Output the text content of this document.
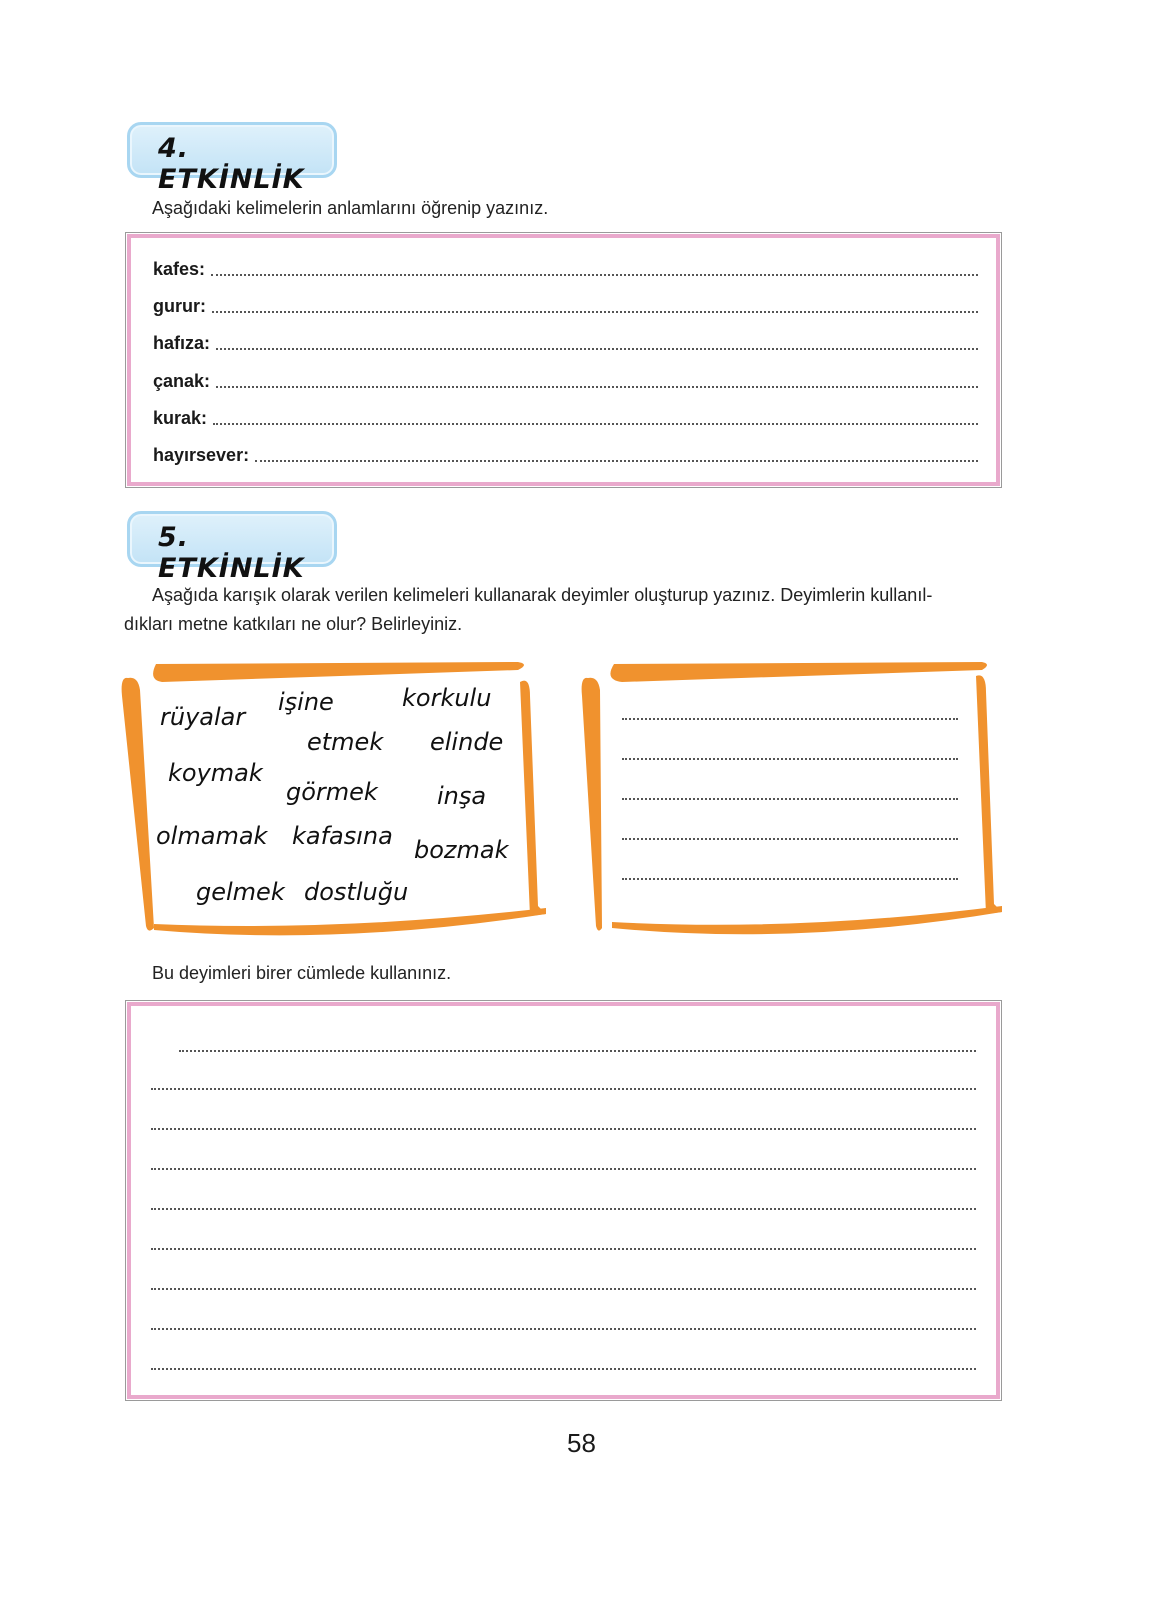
4. ETKİNLİK
Aşağıdaki kelimelerin anlamlarını öğrenip yazınız.
kafes:
gurur:
hafıza:
çanak:
kurak:
hayırsever:
5. ETKİNLİK
Aşağıda karışık olarak verilen kelimeleri kullanarak deyimler oluşturup yazınız. Deyimlerin kullanıl-
dıkları metne katkıları ne olur? Belirleyiniz.
rüyalar
işine	korkulu
etmek elinde
koymak
görmek inşa
olmamak kafasına bozmak
gelmek dostluğu
Bu deyimleri birer cümlede kullanınız.
58
